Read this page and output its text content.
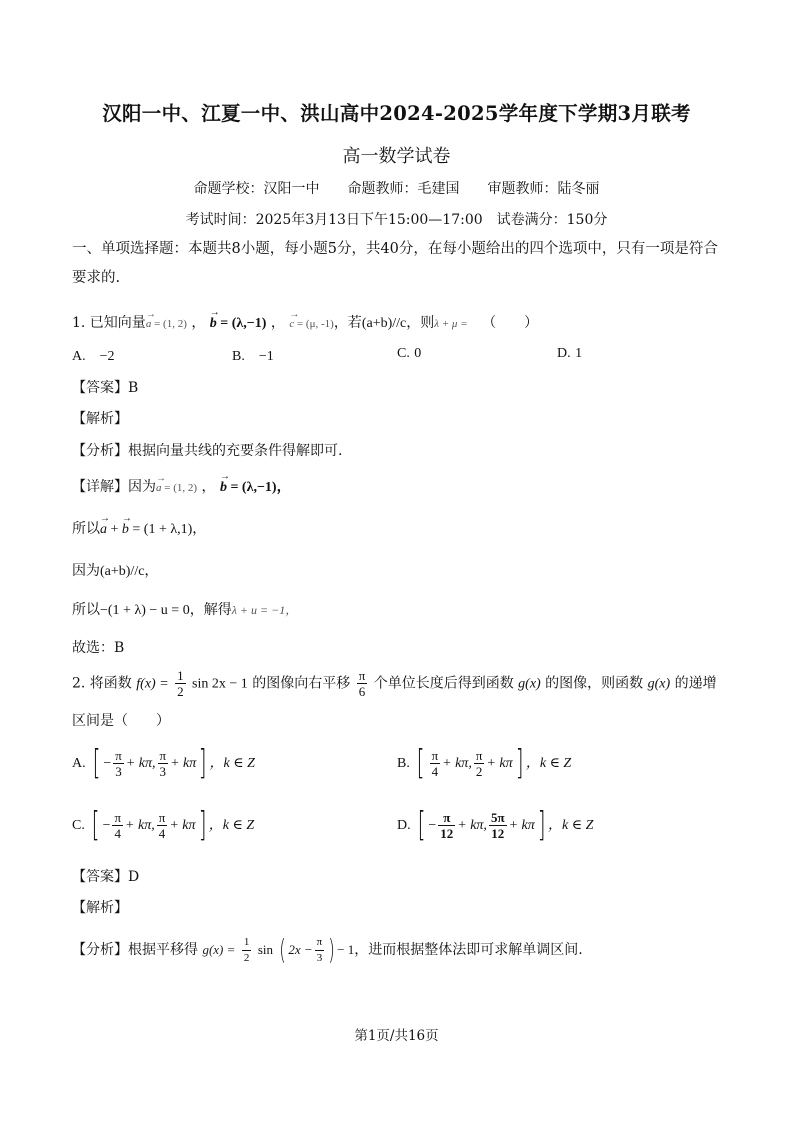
汉阳一中、江夏一中、洪山高中2024-2025学年度下学期3月联考
高一数学试卷
命题学校：汉阳一中　　命题教师：毛建国　　审题教师：陆冬丽
考试时间：2025年3月13日下午15:00—17:00　试卷满分：150分
一、单项选择题：本题共8小题，每小题5分，共40分，在每小题给出的四个选项中，只有一项是符合要求的.
1. 已知向量→ a = (1, 2) ， → b = (λ,−1) ， → c = (μ, -1)，若(a+b)//c，则λ + μ = （　　）
A.　 −2	B.　 −1	C. 0	D. 1
【答案】B
【解析】
【分析】根据向量共线的充要条件得解即可.
【详解】因为→ a = (1, 2) ， → b = (λ,−1)，
所以→ a + → b = (1 + λ,1)，
因为(a+b)//c，
所以−(1 + λ) − u = 0，解得λ + u = −1，
故选：B
2. 将函数 $f(x) = \frac{1}{2}$ sin 2x − 1 的图像向右平移 $\frac{\pi}{6}$ 个单位长度后得到函数 g(x) 的图像，则函数 g(x) 的递增
区间是（　　）
A. [ − $\frac{\pi}{3} + k\pi$, $\frac{\pi}{3} + k\pi$] ，k ∈ Z	B. [ $\frac{\pi}{4} + k\pi$, $\frac{\pi}{2} + k\pi$] ，k ∈ Z
C. [ − $\frac{\pi}{4} + k\pi$, $\frac{\pi}{4} + k\pi$] ，k ∈ Z	D. [ − $\frac{\pi}{12} + k\pi$, $\frac{5\pi}{12} + k\pi$] ，k ∈ Z
【答案】D
【解析】
【分析】根据平移得 $g(x) = \frac{1}{2}$ sin ( $2x - \frac{\pi}{3}$ ) − 1，进而根据整体法即可求解单调区间.
第1页/共16页
